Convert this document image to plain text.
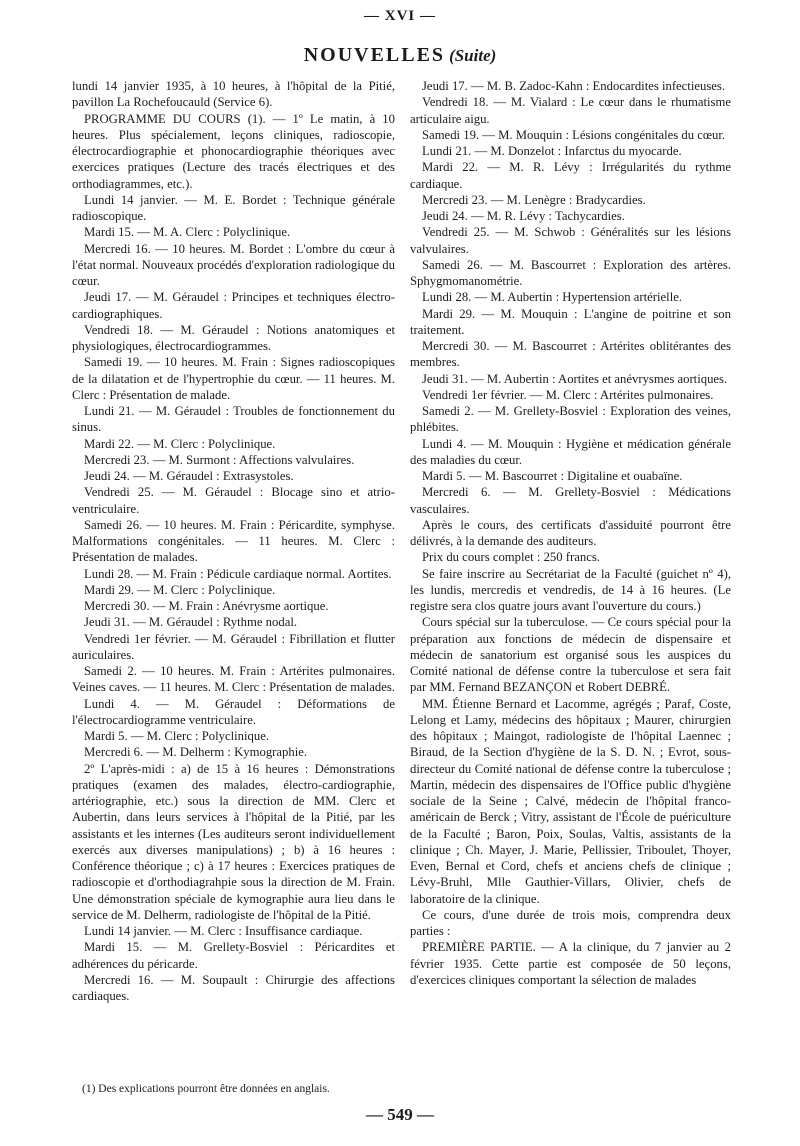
— XVI —
NOUVELLES (Suite)

lundi 14 janvier 1935, à 10 heures, à l'hôpital de la Pitié, pavillon La Rochefoucauld (Service 6).

PROGRAMME DU COURS (1). — 1º Le matin, à 10 heures. Plus spécialement, leçons cliniques, radioscopie, électrocardiographie et phonocardiographie théoriques avec exercices pratiques (Lecture des tracés électriques et des orthodiagrammes, etc.).

Lundi 14 janvier. — M. E. Bordet : Technique générale radioscopique.

Mardi 15. — M. A. Clerc : Polyclinique.

Mercredi 16. — 10 heures. M. Bordet : L'ombre du cœur à l'état normal. Nouveaux procédés d'exploration radiologique du cœur.

Jeudi 17. — M. Géraudel : Principes et techniques électro-cardiographiques.

Vendredi 18. — M. Géraudel : Notions anatomiques et physiologiques, électrocardiogrammes.

Samedi 19. — 10 heures. M. Frain : Signes radioscopiques de la dilatation et de l'hypertrophie du cœur. — 11 heures. M. Clerc : Présentation de malade.

Lundi 21. — M. Géraudel : Troubles de fonctionnement du sinus.

Mardi 22. — M. Clerc : Polyclinique.

Mercredi 23. — M. Surmont : Affections valvulaires.

Jeudi 24. — M. Géraudel : Extrasystoles.

Vendredi 25. — M. Géraudel : Blocage sino et atrio-ventriculaire.

Samedi 26. — 10 heures. M. Frain : Péricardite, symphyse. Malformations congénitales. — 11 heures. M. Clerc : Présentation de malades.

Lundi 28. — M. Frain : Pédicule cardiaque normal. Aortites.

Mardi 29. — M. Clerc : Polyclinique.

Mercredi 30. — M. Frain : Anévrysme aortique.

Jeudi 31. — M. Géraudel : Rythme nodal.

Vendredi 1er février. — M. Géraudel : Fibrillation et flutter auriculaires.

Samedi 2. — 10 heures. M. Frain : Artérites pulmonaires. Veines caves. — 11 heures. M. Clerc : Présentation de malades.

Lundi 4. — M. Géraudel : Déformations de l'électrocardiogramme ventriculaire.

Mardi 5. — M. Clerc : Polyclinique.

Mercredi 6. — M. Delherm : Kymographie.

2º L'après-midi : a) de 15 à 16 heures : Démonstrations pratiques (examen des malades, électro-cardiographie, artériographie, etc.) sous la direction de MM. Clerc et Aubertin, dans leurs services à l'hôpital de la Pitié, par les assistants et les internes (Les auditeurs seront individuellement exercés aux diverses manipulations) ; b) à 16 heures : Conférence théorique ; c) à 17 heures : Exercices pratiques de radioscopie et d'orthodiagrahpie sous la direction de M. Frain. Une démonstration spéciale de kymographie aura lieu dans le service de M. Delherm, radiologiste de l'hôpital de la Pitié.

Lundi 14 janvier. — M. Clerc : Insuffisance cardiaque.

Mardi 15. — M. Grellety-Bosviel : Péricardites et adhérences du péricarde.

Mercredi 16. — M. Soupault : Chirurgie des affections cardiaques.

Jeudi 17. — M. B. Zadoc-Kahn : Endocardites infectieuses.

Vendredi 18. — M. Vialard : Le cœur dans le rhumatisme articulaire aigu.

Samedi 19. — M. Mouquin : Lésions congénitales du cœur.

Lundi 21. — M. Donzelot : Infarctus du myocarde.

Mardi 22. — M. R. Lévy : Irrégularités du rythme cardiaque.

Mercredi 23. — M. Lenègre : Bradycardies.

Jeudi 24. — M. R. Lévy : Tachycardies.

Vendredi 25. — M. Schwob : Généralités sur les lésions valvulaires.

Samedi 26. — M. Bascourret : Exploration des artères. Sphygmomanométrie.

Lundi 28. — M. Aubertin : Hypertension artérielle.

Mardi 29. — M. Mouquin : L'angine de poitrine et son traitement.

Mercredi 30. — M. Bascourret : Artérites oblitérantes des membres.

Jeudi 31. — M. Aubertin : Aortites et anévrysmes aortiques.

Vendredi 1er février. — M. Clerc : Artérites pulmonaires.

Samedi 2. — M. Grellety-Bosviel : Exploration des veines, phlébites.

Lundi 4. — M. Mouquin : Hygiène et médication générale des maladies du cœur.

Mardi 5. — M. Bascourret : Digitaline et ouabaïne.

Mercredi 6. — M. Grellety-Bosviel : Médications vasculaires.

Après le cours, des certificats d'assiduité pourront être délivrés, à la demande des auditeurs.

Prix du cours complet : 250 francs.

Se faire inscrire au Secrétariat de la Faculté (guichet nº 4), les lundis, mercredis et vendredis, de 14 à 16 heures. (Le registre sera clos quatre jours avant l'ouverture du cours.)

Cours spécial sur la tuberculose. — Ce cours spécial pour la préparation aux fonctions de médecin de dispensaire et médecin de sanatorium est organisé sous les auspices du Comité national de défense contre la tuberculose et sera fait par MM. Fernand BEZANÇON et Robert DEBRÉ.

MM. Étienne Bernard et Lacomme, agrégés ; Paraf, Coste, Lelong et Lamy, médecins des hôpitaux ; Maurer, chirurgien des hôpitaux ; Maingot, radiologiste de l'hôpital Laennec ; Biraud, de la Section d'hygiène de la S. D. N. ; Evrot, sous-directeur du Comité national de défense contre la tuberculose ; Martin, médecin des dispensaires de l'Office public d'hygiène sociale de la Seine ; Calvé, médecin de l'hôpital franco-américain de Berck ; Vitry, assistant de l'École de puériculture de la Faculté ; Baron, Poix, Soulas, Valtis, assistants de la clinique ; Ch. Mayer, J. Marie, Pellissier, Triboulet, Thoyer, Even, Bernal et Cord, chefs et anciens chefs de clinique ; Lévy-Bruhl, Mlle Gauthier-Villars, Olivier, chefs de laboratoire de la clinique.

Ce cours, d'une durée de trois mois, comprendra deux parties :

PREMIÈRE PARTIE. — A la clinique, du 7 janvier au 2 février 1935. Cette partie est composée de 50 leçons, d'exercices cliniques comportant la sélection de malades

(1) Des explications pourront être données en anglais.
— 549 —
